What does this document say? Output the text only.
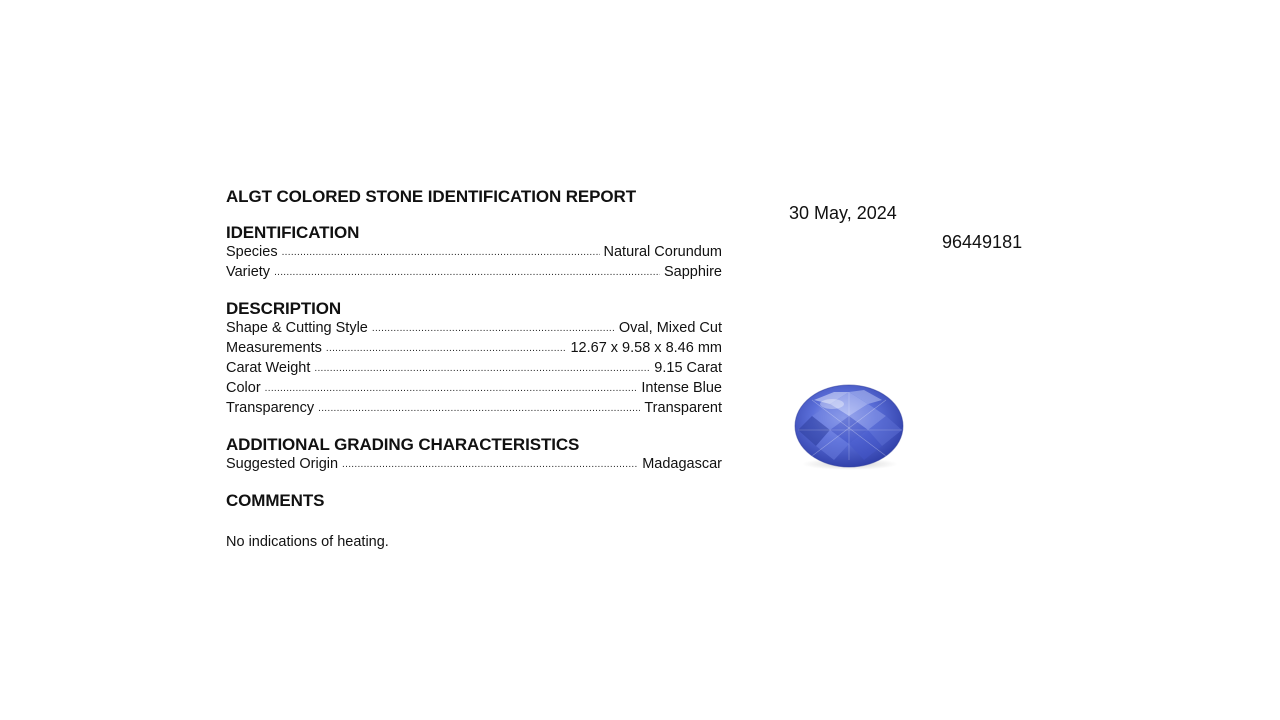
ALGT COLORED STONE IDENTIFICATION REPORT
IDENTIFICATION
Species .....	Natural Corundum
Variety .....	Sapphire
DESCRIPTION
Shape & Cutting Style .....	Oval, Mixed Cut
Measurements .....	12.67 x 9.58 x 8.46 mm
Carat Weight .....	9.15 Carat
Color .....	Intense Blue
Transparency .....	Transparent
ADDITIONAL GRADING CHARACTERISTICS
Suggested Origin .....	Madagascar
COMMENTS
No indications of heating.
30 May, 2024
96449181
